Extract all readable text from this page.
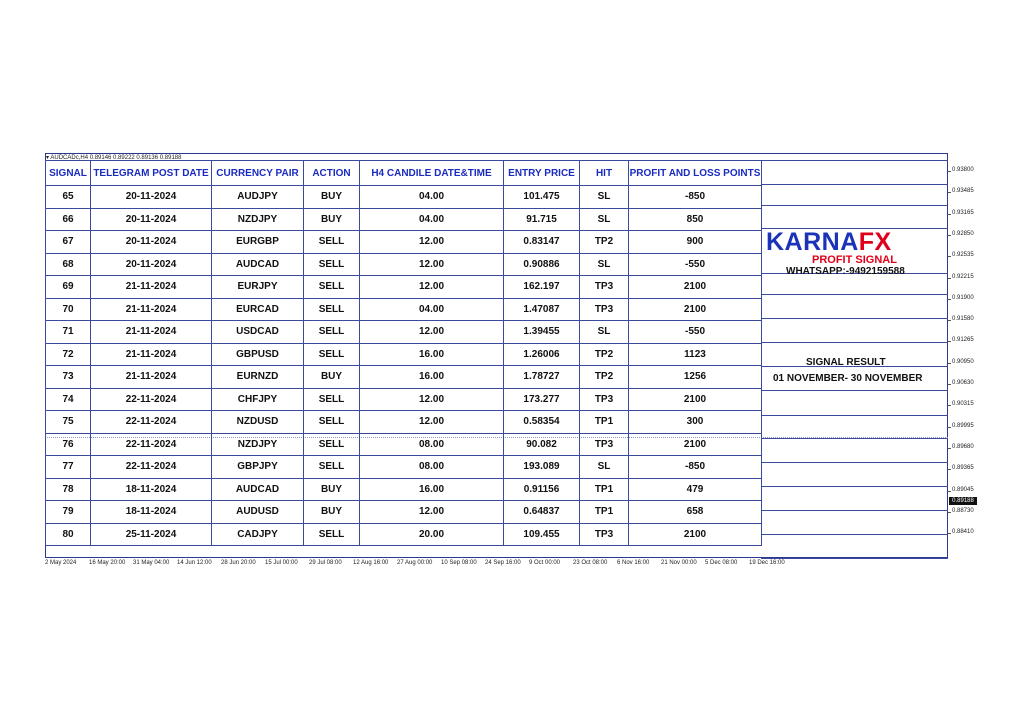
▾ AUDCADc,H4 0.89146 0.89222 0.89136 0.89188
SIGNAL	TELEGRAM POST DATE	CURRENCY PAIR	ACTION	H4 CANDILE DATE&TIME	ENTRY PRICE	HIT	PROFIT AND LOSS POINTS
65	20-11-2024	AUDJPY	BUY	04.00	101.475	SL	-850
66	20-11-2024	NZDJPY	BUY	04.00	91.715	SL	850
67	20-11-2024	EURGBP	SELL	12.00	0.83147	TP2	900
68	20-11-2024	AUDCAD	SELL	12.00	0.90886	SL	-550
69	21-11-2024	EURJPY	SELL	12.00	162.197	TP3	2100
70	21-11-2024	EURCAD	SELL	04.00	1.47087	TP3	2100
71	21-11-2024	USDCAD	SELL	12.00	1.39455	SL	-550
72	21-11-2024	GBPUSD	SELL	16.00	1.26006	TP2	1123
73	21-11-2024	EURNZD	BUY	16.00	1.78727	TP2	1256
74	22-11-2024	CHFJPY	SELL	12.00	173.277	TP3	2100
75	22-11-2024	NZDUSD	SELL	12.00	0.58354	TP1	300
76	22-11-2024	NZDJPY	SELL	08.00	90.082	TP3	2100
77	22-11-2024	GBPJPY	SELL	08.00	193.089	SL	-850
78	18-11-2024	AUDCAD	BUY	16.00	0.91156	TP1	479
79	18-11-2024	AUDUSD	BUY	12.00	0.64837	TP1	658
80	25-11-2024	CADJPY	SELL	20.00	109.455	TP3	2100
KARNAFX
PROFIT SIGNAL
WHATSAPP:-9492159588
SIGNAL RESULT
01 NOVEMBER- 30 NOVEMBER
0.93800
0.93485
0.93165
0.92850
0.92535
0.92215
0.91900
0.91580
0.91265
0.90950
0.90630
0.90315
0.89995
0.89680
0.89365
0.89045
0.88730
0.88410
0.89188
2 May 2024 16 May 20:00 31 May 04:00 14 Jun 12:00 28 Jun 20:00 15 Jul 00:00 29 Jul 08:00 12 Aug 16:00 27 Aug 00:00 10 Sep 08:00 24 Sep 16:00 9 Oct 00:00 23 Oct 08:00 6 Nov 16:00 21 Nov 00:00 5 Dec 08:00 19 Dec 16:00
